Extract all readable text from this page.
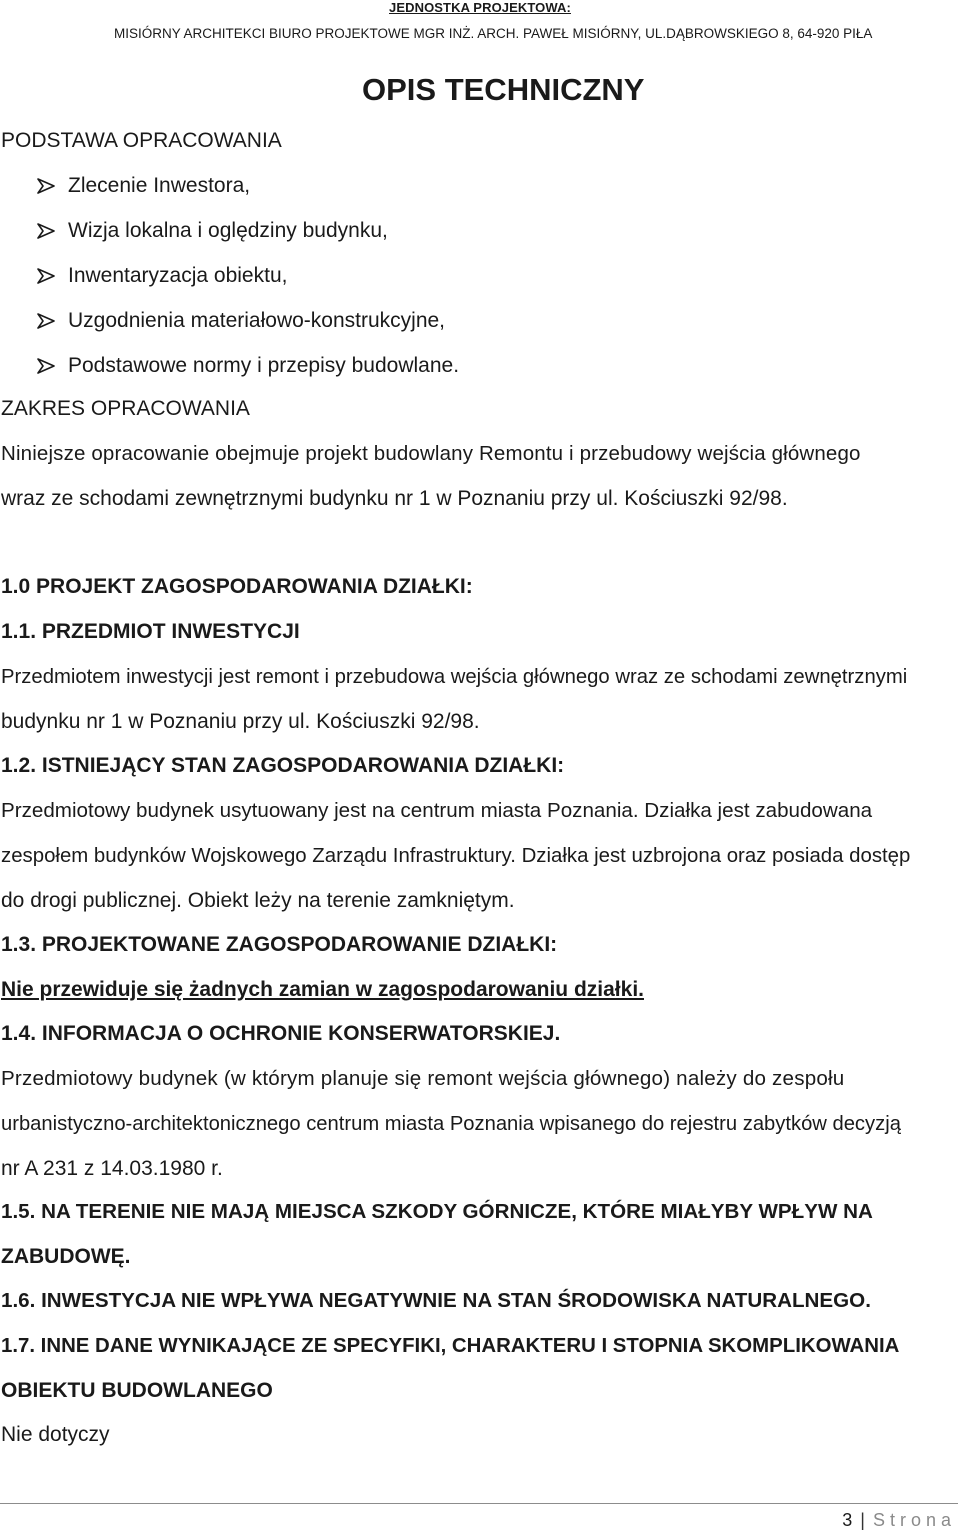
JEDNOSTKA PROJEKTOWA:
MISIÓRNY ARCHITEKCI BIURO PROJEKTOWE MGR INŻ. ARCH. PAWEŁ MISIÓRNY, UL.DĄBROWSKIEGO 8, 64-920 PIŁA
OPIS TECHNICZNY
PODSTAWA OPRACOWANIA
Zlecenie Inwestora,
Wizja lokalna i oględziny budynku,
Inwentaryzacja obiektu,
Uzgodnienia materiałowo-konstrukcyjne,
Podstawowe normy i przepisy budowlane.
ZAKRES OPRACOWANIA
Niniejsze opracowanie obejmuje projekt budowlany Remontu i przebudowy wejścia głównego
wraz ze schodami zewnętrznymi budynku nr 1 w Poznaniu przy ul. Kościuszki 92/98.
1.0 PROJEKT ZAGOSPODAROWANIA DZIAŁKI:
1.1. PRZEDMIOT INWESTYCJI
Przedmiotem inwestycji jest remont i przebudowa wejścia głównego wraz ze schodami zewnętrznymi
budynku nr 1 w Poznaniu przy ul. Kościuszki 92/98.
1.2. ISTNIEJĄCY STAN ZAGOSPODAROWANIA DZIAŁKI:
Przedmiotowy budynek usytuowany jest na centrum miasta Poznania. Działka jest zabudowana
zespołem budynków Wojskowego Zarządu Infrastruktury. Działka jest uzbrojona oraz posiada dostęp
do drogi publicznej. Obiekt leży na terenie zamkniętym.
1.3. PROJEKTOWANE ZAGOSPODAROWANIE DZIAŁKI:
Nie przewiduje się żadnych zamian w zagospodarowaniu działki.
1.4. INFORMACJA O OCHRONIE KONSERWATORSKIEJ.
Przedmiotowy budynek (w którym planuje się remont wejścia głównego) należy do zespołu
urbanistyczno-architektonicznego centrum miasta Poznania wpisanego do rejestru zabytków decyzją
nr A 231 z 14.03.1980 r.
1.5. NA TERENIE NIE MAJĄ MIEJSCA SZKODY GÓRNICZE, KTÓRE MIAŁYBY WPŁYW NA
ZABUDOWĘ.
1.6. INWESTYCJA NIE WPŁYWA NEGATYWNIE NA STAN ŚRODOWISKA NATURALNEGO.
1.7. INNE DANE WYNIKAJĄCE ZE SPECYFIKI, CHARAKTERU I STOPNIA SKOMPLIKOWANIA
OBIEKTU BUDOWLANEGO
Nie dotyczy
3 | Strona
